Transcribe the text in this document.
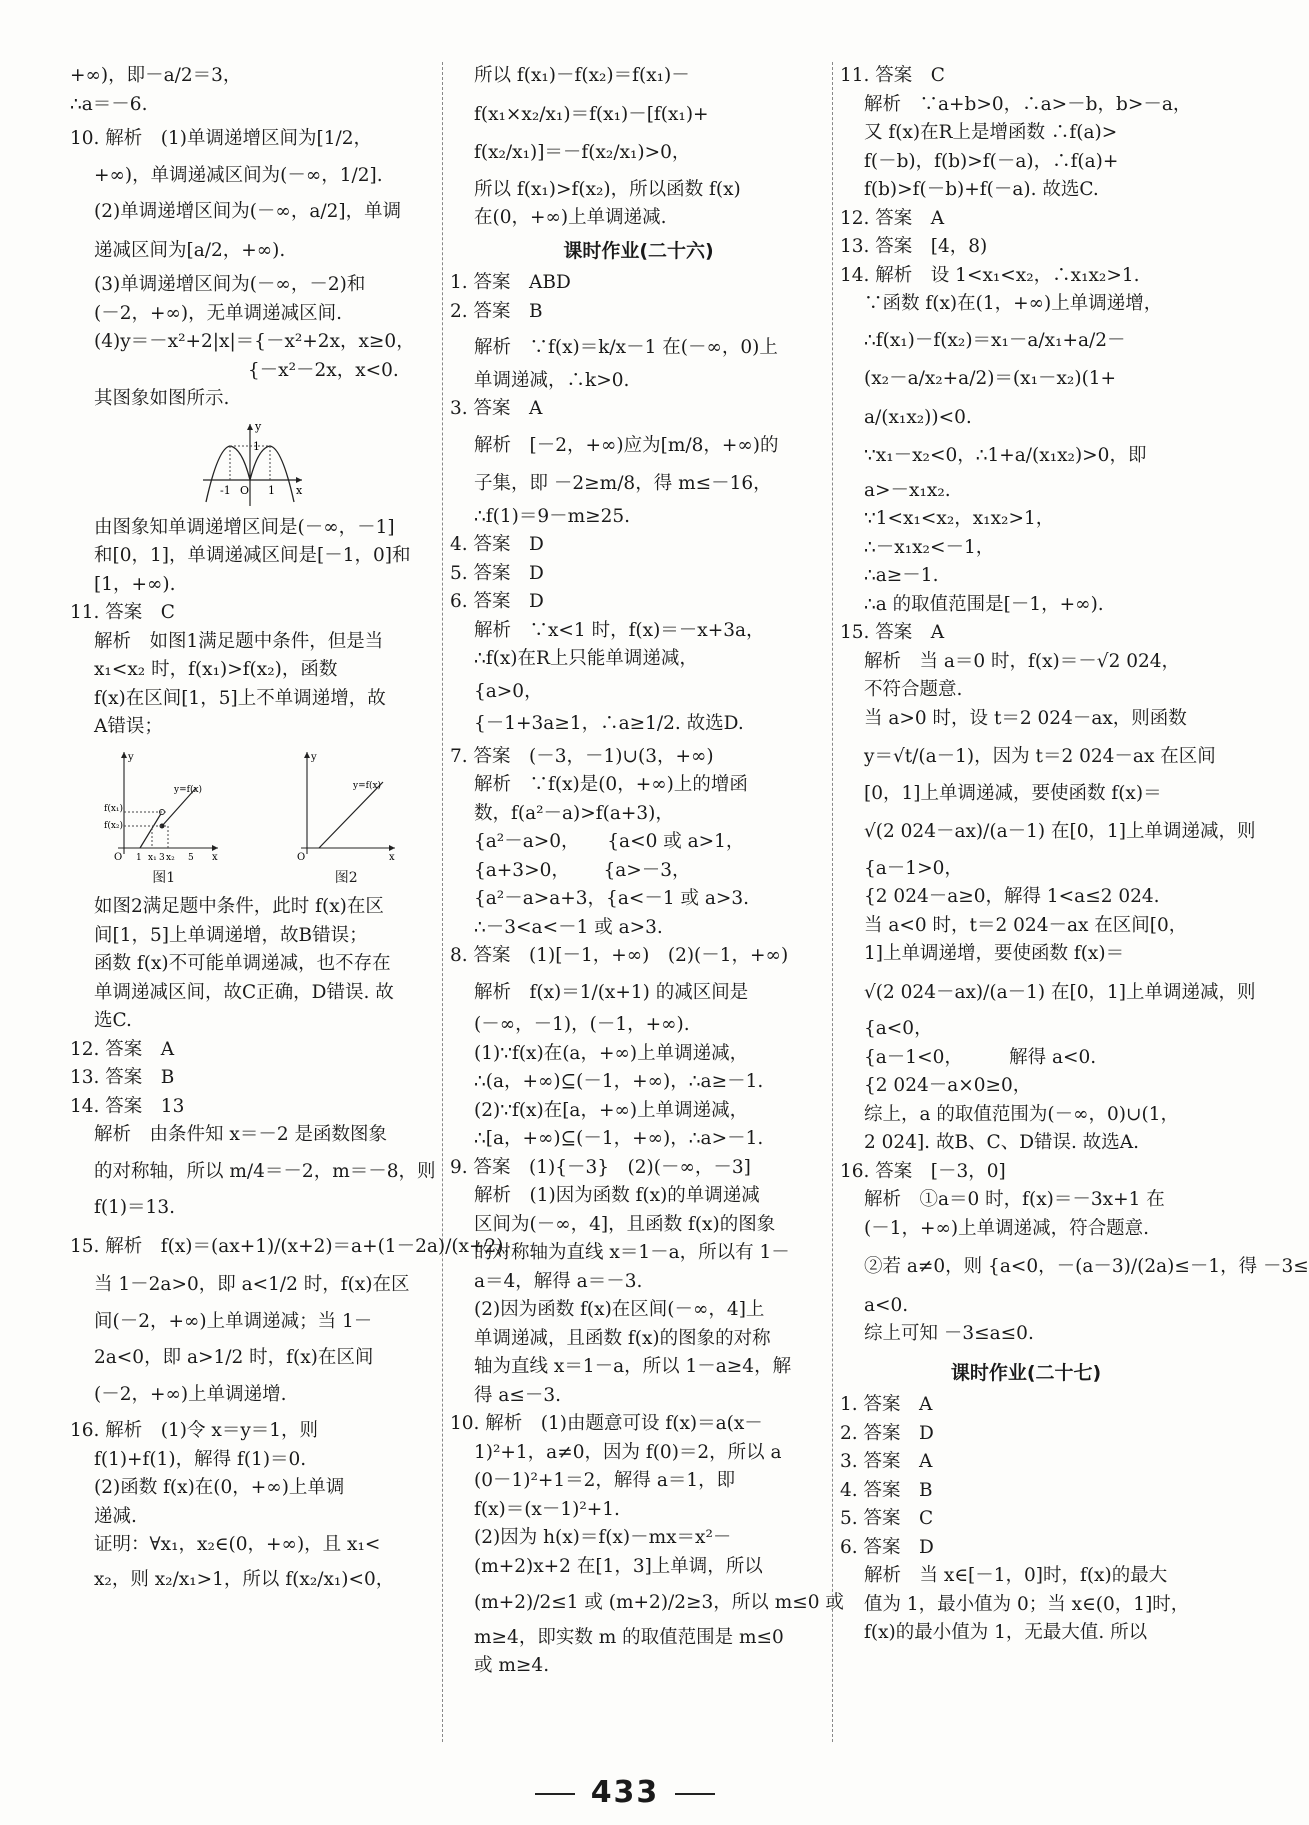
+∞)，即－a/2＝3，
∴a＝－6.
10. 解析　(1)单调递增区间为[1/2，
+∞)，单调递减区间为(－∞，1/2].
(2)单调递增区间为(－∞，a/2]，单调
递减区间为[a/2，+∞).
(3)单调递增区间为(－∞，－2)和
(－2，+∞)，无单调递减区间.
(4)y＝－x²+2|x|＝{－x²+2x，x≥0，
　　　　　　　　 {－x²－2x，x<0.
其图象如图所示.
y
x
O
1
-1	1
由图象知单调递增区间是(－∞，－1]
和[0，1]，单调递减区间是[－1，0]和
[1，+∞).
11. 答案　C
解析　如图1满足题中条件，但是当
x₁<x₂ 时，f(x₁)>f(x₂)，函数
f(x)在区间[1，5]上不单调递增，故
A错误；
y
x
O
f(x₁)
f(x₂)
y=f(x)
1 x₁ 3 x₂ 5
图1
y
x
O
y=f(x)
图2
如图2满足题中条件，此时 f(x)在区
间[1，5]上单调递增，故B错误；
函数 f(x)不可能单调递减，也不存在
单调递减区间，故C正确，D错误. 故
选C.
12. 答案　A
13. 答案　B
14. 答案　13
解析　由条件知 x＝－2 是函数图象
的对称轴，所以 m/4＝－2，m＝－8，则
f(1)＝13.
15. 解析　f(x)＝(ax+1)/(x+2)＝a+(1－2a)/(x+2)，
当 1－2a>0，即 a<1/2 时，f(x)在区
间(－2，+∞)上单调递减；当 1－
2a<0，即 a>1/2 时，f(x)在区间
(－2，+∞)上单调递增.
16. 解析　(1)令 x＝y＝1，则
f(1)+f(1)，解得 f(1)＝0.
(2)函数 f(x)在(0，+∞)上单调
递减.
证明：∀x₁，x₂∈(0，+∞)，且 x₁<
x₂，则 x₂/x₁>1，所以 f(x₂/x₁)<0，
所以 f(x₁)－f(x₂)＝f(x₁)－
f(x₁×x₂/x₁)＝f(x₁)－[f(x₁)+
f(x₂/x₁)]＝－f(x₂/x₁)>0，
所以 f(x₁)>f(x₂)，所以函数 f(x)
在(0，+∞)上单调递减.
课时作业(二十六)
1. 答案　ABD
2. 答案　B
解析　∵f(x)＝k/x－1 在(－∞，0)上
单调递减，∴k>0.
3. 答案　A
解析　[－2，+∞)应为[m/8，+∞)的
子集，即 －2≥m/8，得 m≤－16，
∴f(1)＝9－m≥25.
4. 答案　D
5. 答案　D
6. 答案　D
解析　∵x<1 时，f(x)＝－x+3a，
∴f(x)在R上只能单调递减，
{a>0，
{－1+3a≥1，∴a≥1/2. 故选D.
7. 答案　(－3，－1)∪(3，+∞)
解析　∵f(x)是(0，+∞)上的增函
数，f(a²－a)>f(a+3)，
{a²－a>0，　　{a<0 或 a>1，
{a+3>0，　　 {a>－3，
{a²－a>a+3，{a<－1 或 a>3.
∴－3<a<－1 或 a>3.
8. 答案　(1)[－1，+∞)　(2)(－1，+∞)
解析　f(x)＝1/(x+1) 的减区间是
(－∞，－1)，(－1，+∞).
(1)∵f(x)在(a，+∞)上单调递减，
∴(a，+∞)⊆(－1，+∞)，∴a≥－1.
(2)∵f(x)在[a，+∞)上单调递减，
∴[a，+∞)⊆(－1，+∞)，∴a>－1.
9. 答案　(1){－3}　(2)(－∞，－3]
解析　(1)因为函数 f(x)的单调递减
区间为(－∞，4]，且函数 f(x)的图象
的对称轴为直线 x＝1－a，所以有 1－
a＝4，解得 a＝－3.
(2)因为函数 f(x)在区间(－∞，4]上
单调递减，且函数 f(x)的图象的对称
轴为直线 x＝1－a，所以 1－a≥4，解
得 a≤－3.
10. 解析　(1)由题意可设 f(x)＝a(x－
1)²+1，a≠0，因为 f(0)＝2，所以 a
(0－1)²+1＝2，解得 a＝1，即
f(x)＝(x－1)²+1.
(2)因为 h(x)＝f(x)－mx＝x²－
(m+2)x+2 在[1，3]上单调，所以
(m+2)/2≤1 或 (m+2)/2≥3，所以 m≤0 或
m≥4，即实数 m 的取值范围是 m≤0
或 m≥4.
11. 答案　C
解析　∵a+b>0，∴a>－b，b>－a，
又 f(x)在R上是增函数 ∴f(a)>
f(－b)，f(b)>f(－a)，∴f(a)+
f(b)>f(－b)+f(－a). 故选C.
12. 答案　A
13. 答案　[4，8)
14. 解析　设 1<x₁<x₂，∴x₁x₂>1.
∵函数 f(x)在(1，+∞)上单调递增，
∴f(x₁)－f(x₂)＝x₁－a/x₁+a/2－
(x₂－a/x₂+a/2)＝(x₁－x₂)(1+
a/(x₁x₂))<0.
∵x₁－x₂<0，∴1+a/(x₁x₂)>0，即
a>－x₁x₂.
∵1<x₁<x₂，x₁x₂>1，
∴－x₁x₂<－1，
∴a≥－1.
∴a 的取值范围是[－1，+∞).
15. 答案　A
解析　当 a＝0 时，f(x)＝－√2 024，
不符合题意.
当 a>0 时，设 t＝2 024－ax，则函数
y＝√t/(a－1)，因为 t＝2 024－ax 在区间
[0，1]上单调递减，要使函数 f(x)＝
√(2 024－ax)/(a－1) 在[0，1]上单调递减，则
{a－1>0，
{2 024－a≥0，解得 1<a≤2 024.
当 a<0 时，t＝2 024－ax 在区间[0，
1]上单调递增，要使函数 f(x)＝
√(2 024－ax)/(a－1) 在[0，1]上单调递减，则
{a<0，
{a－1<0，　　　解得 a<0.
{2 024－a×0≥0，
综上，a 的取值范围为(－∞，0)∪(1，
2 024]. 故B、C、D错误. 故选A.
16. 答案　[－3，0]
解析　①a＝0 时，f(x)＝－3x+1 在
(－1，+∞)上单调递减，符合题意.
②若 a≠0，则 {a<0，－(a－3)/(2a)≤－1，得 －3≤
a<0.
综上可知 －3≤a≤0.
课时作业(二十七)
1. 答案　A
2. 答案　D
3. 答案　A
4. 答案　B
5. 答案　C
6. 答案　D
解析　当 x∈[－1，0]时，f(x)的最大
值为 1，最小值为 0；当 x∈(0，1]时，
f(x)的最小值为 1，无最大值. 所以
433
